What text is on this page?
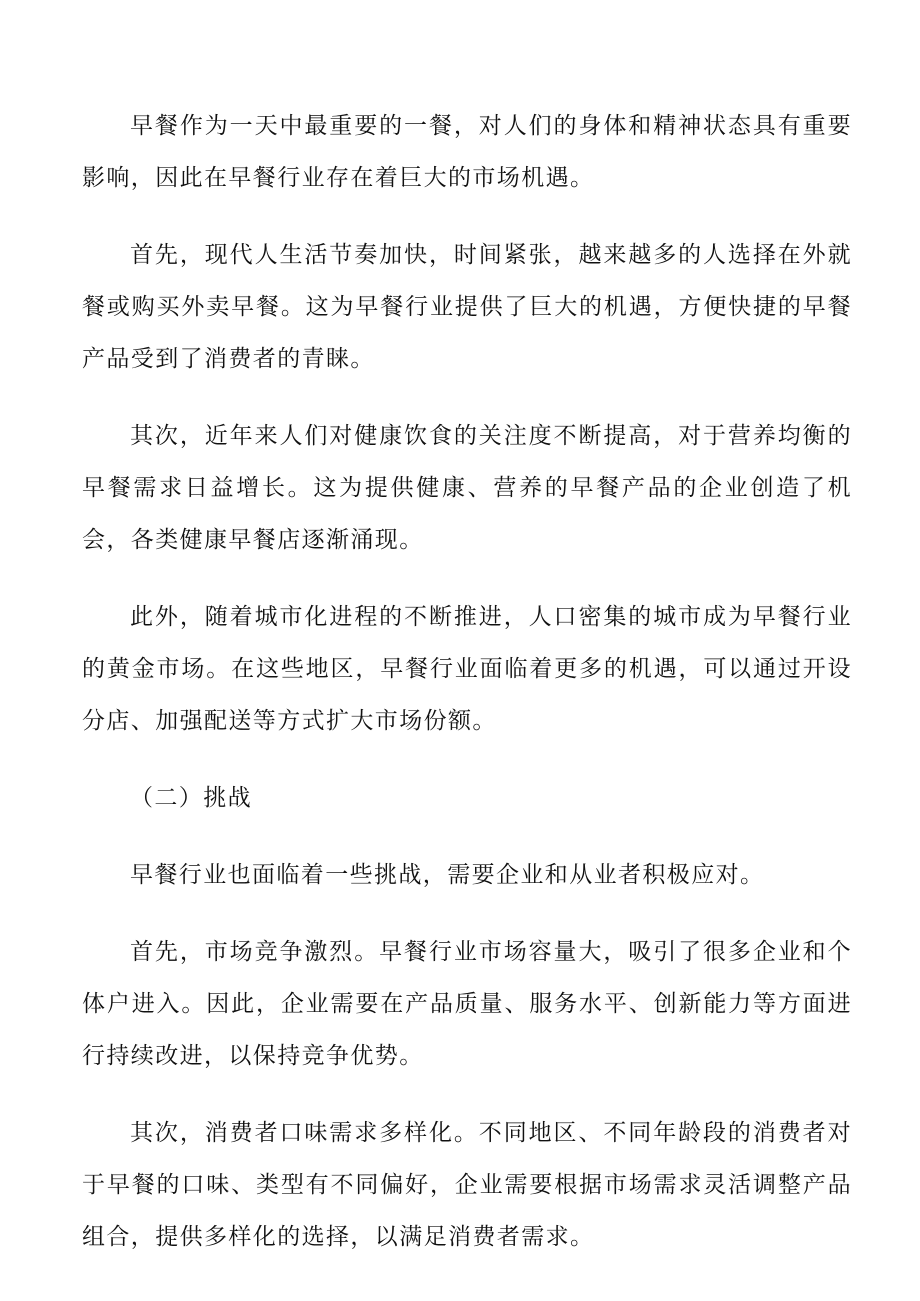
早餐作为一天中最重要的一餐，对人们的身体和精神状态具有重要影响，因此在早餐行业存在着巨大的市场机遇。

首先，现代人生活节奏加快，时间紧张，越来越多的人选择在外就餐或购买外卖早餐。这为早餐行业提供了巨大的机遇，方便快捷的早餐产品受到了消费者的青睐。

其次，近年来人们对健康饮食的关注度不断提高，对于营养均衡的早餐需求日益增长。这为提供健康、营养的早餐产品的企业创造了机会，各类健康早餐店逐渐涌现。

此外，随着城市化进程的不断推进，人口密集的城市成为早餐行业的黄金市场。在这些地区，早餐行业面临着更多的机遇，可以通过开设分店、加强配送等方式扩大市场份额。

（二）挑战

早餐行业也面临着一些挑战，需要企业和从业者积极应对。

首先，市场竞争激烈。早餐行业市场容量大，吸引了很多企业和个体户进入。因此，企业需要在产品质量、服务水平、创新能力等方面进行持续改进，以保持竞争优势。

其次，消费者口味需求多样化。不同地区、不同年龄段的消费者对于早餐的口味、类型有不同偏好，企业需要根据市场需求灵活调整产品组合，提供多样化的选择，以满足消费者需求。
